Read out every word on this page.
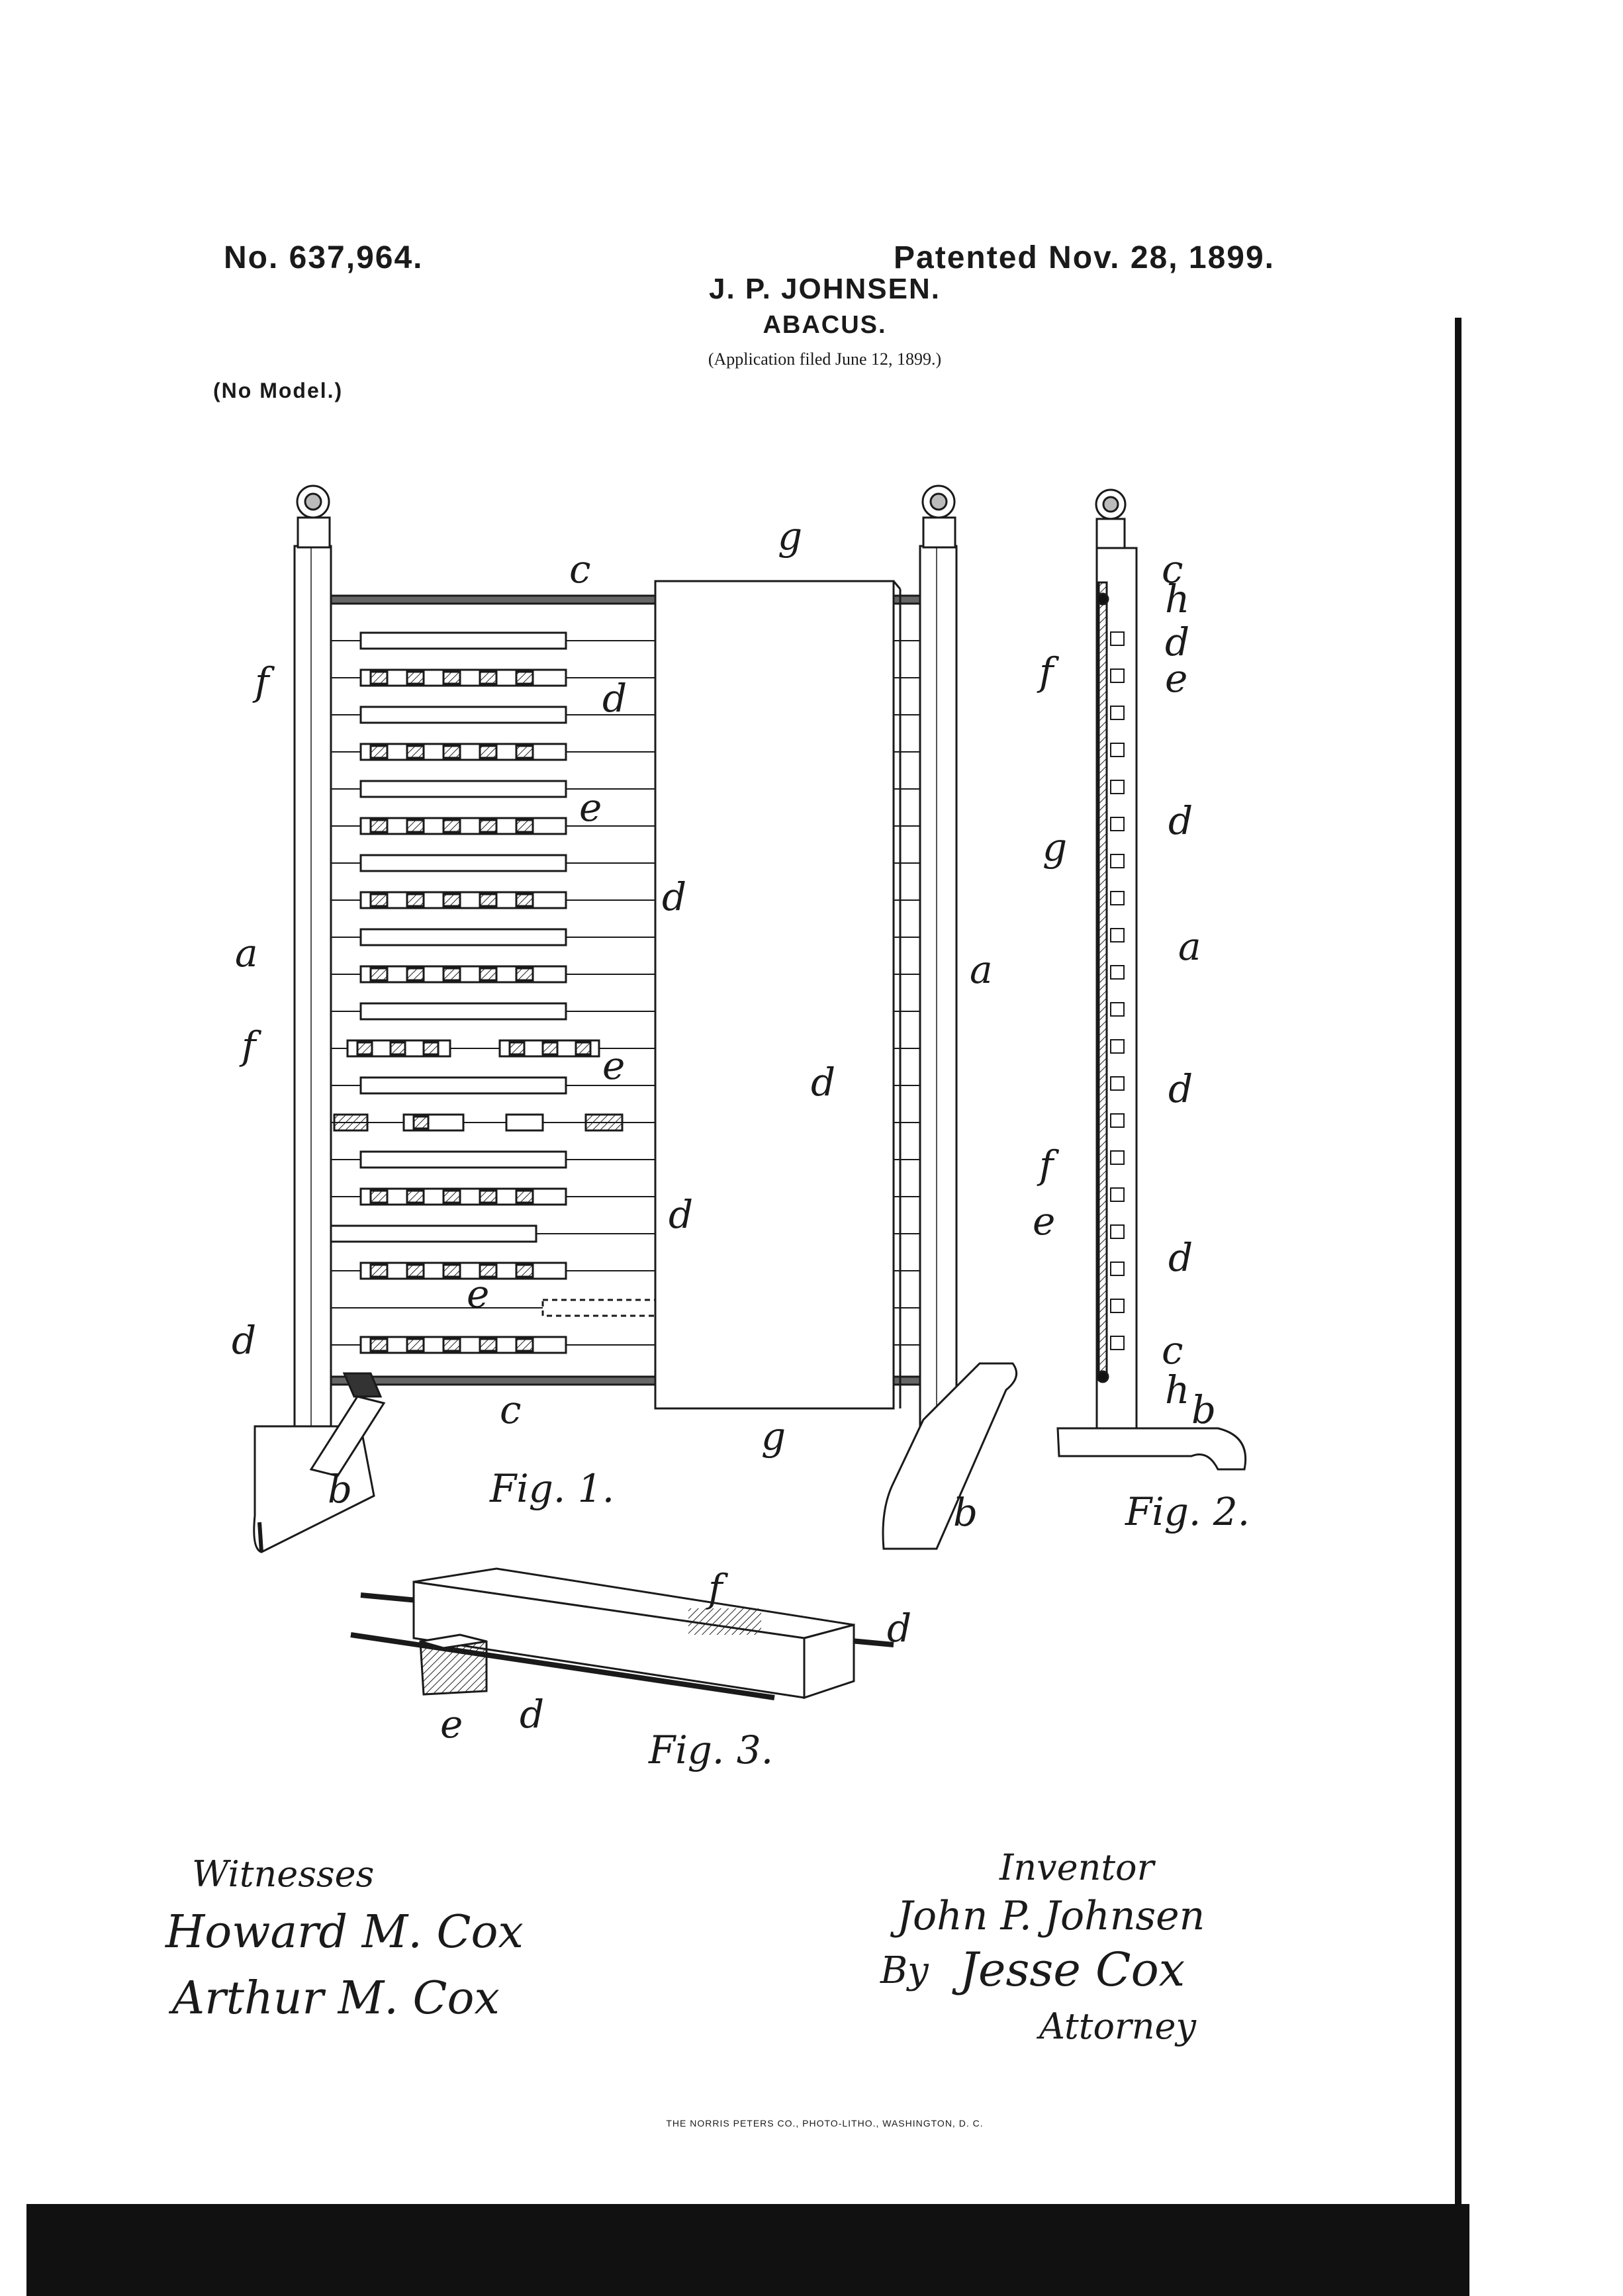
No. 637,964.	Patented Nov. 28, 1899.
J. P. JOHNSEN.
ABACUS.
(Application filed June 12, 1899.)
(No Model.)
c
g
f	d
e
d
a	a
f	e	d
d
e
d
c
g
b
b
c
h
f
d
e
g
d
a
d
f
e
d
c
h b
f
d
e d
Fig. 1.
Fig. 2.
Fig. 3.
Witnesses
Howard M. Cox
Arthur M. Cox
Inventor
John P. Johnsen
By Jesse Cox
Attorney
THE NORRIS PETERS CO., PHOTO-LITHO., WASHINGTON, D. C.
